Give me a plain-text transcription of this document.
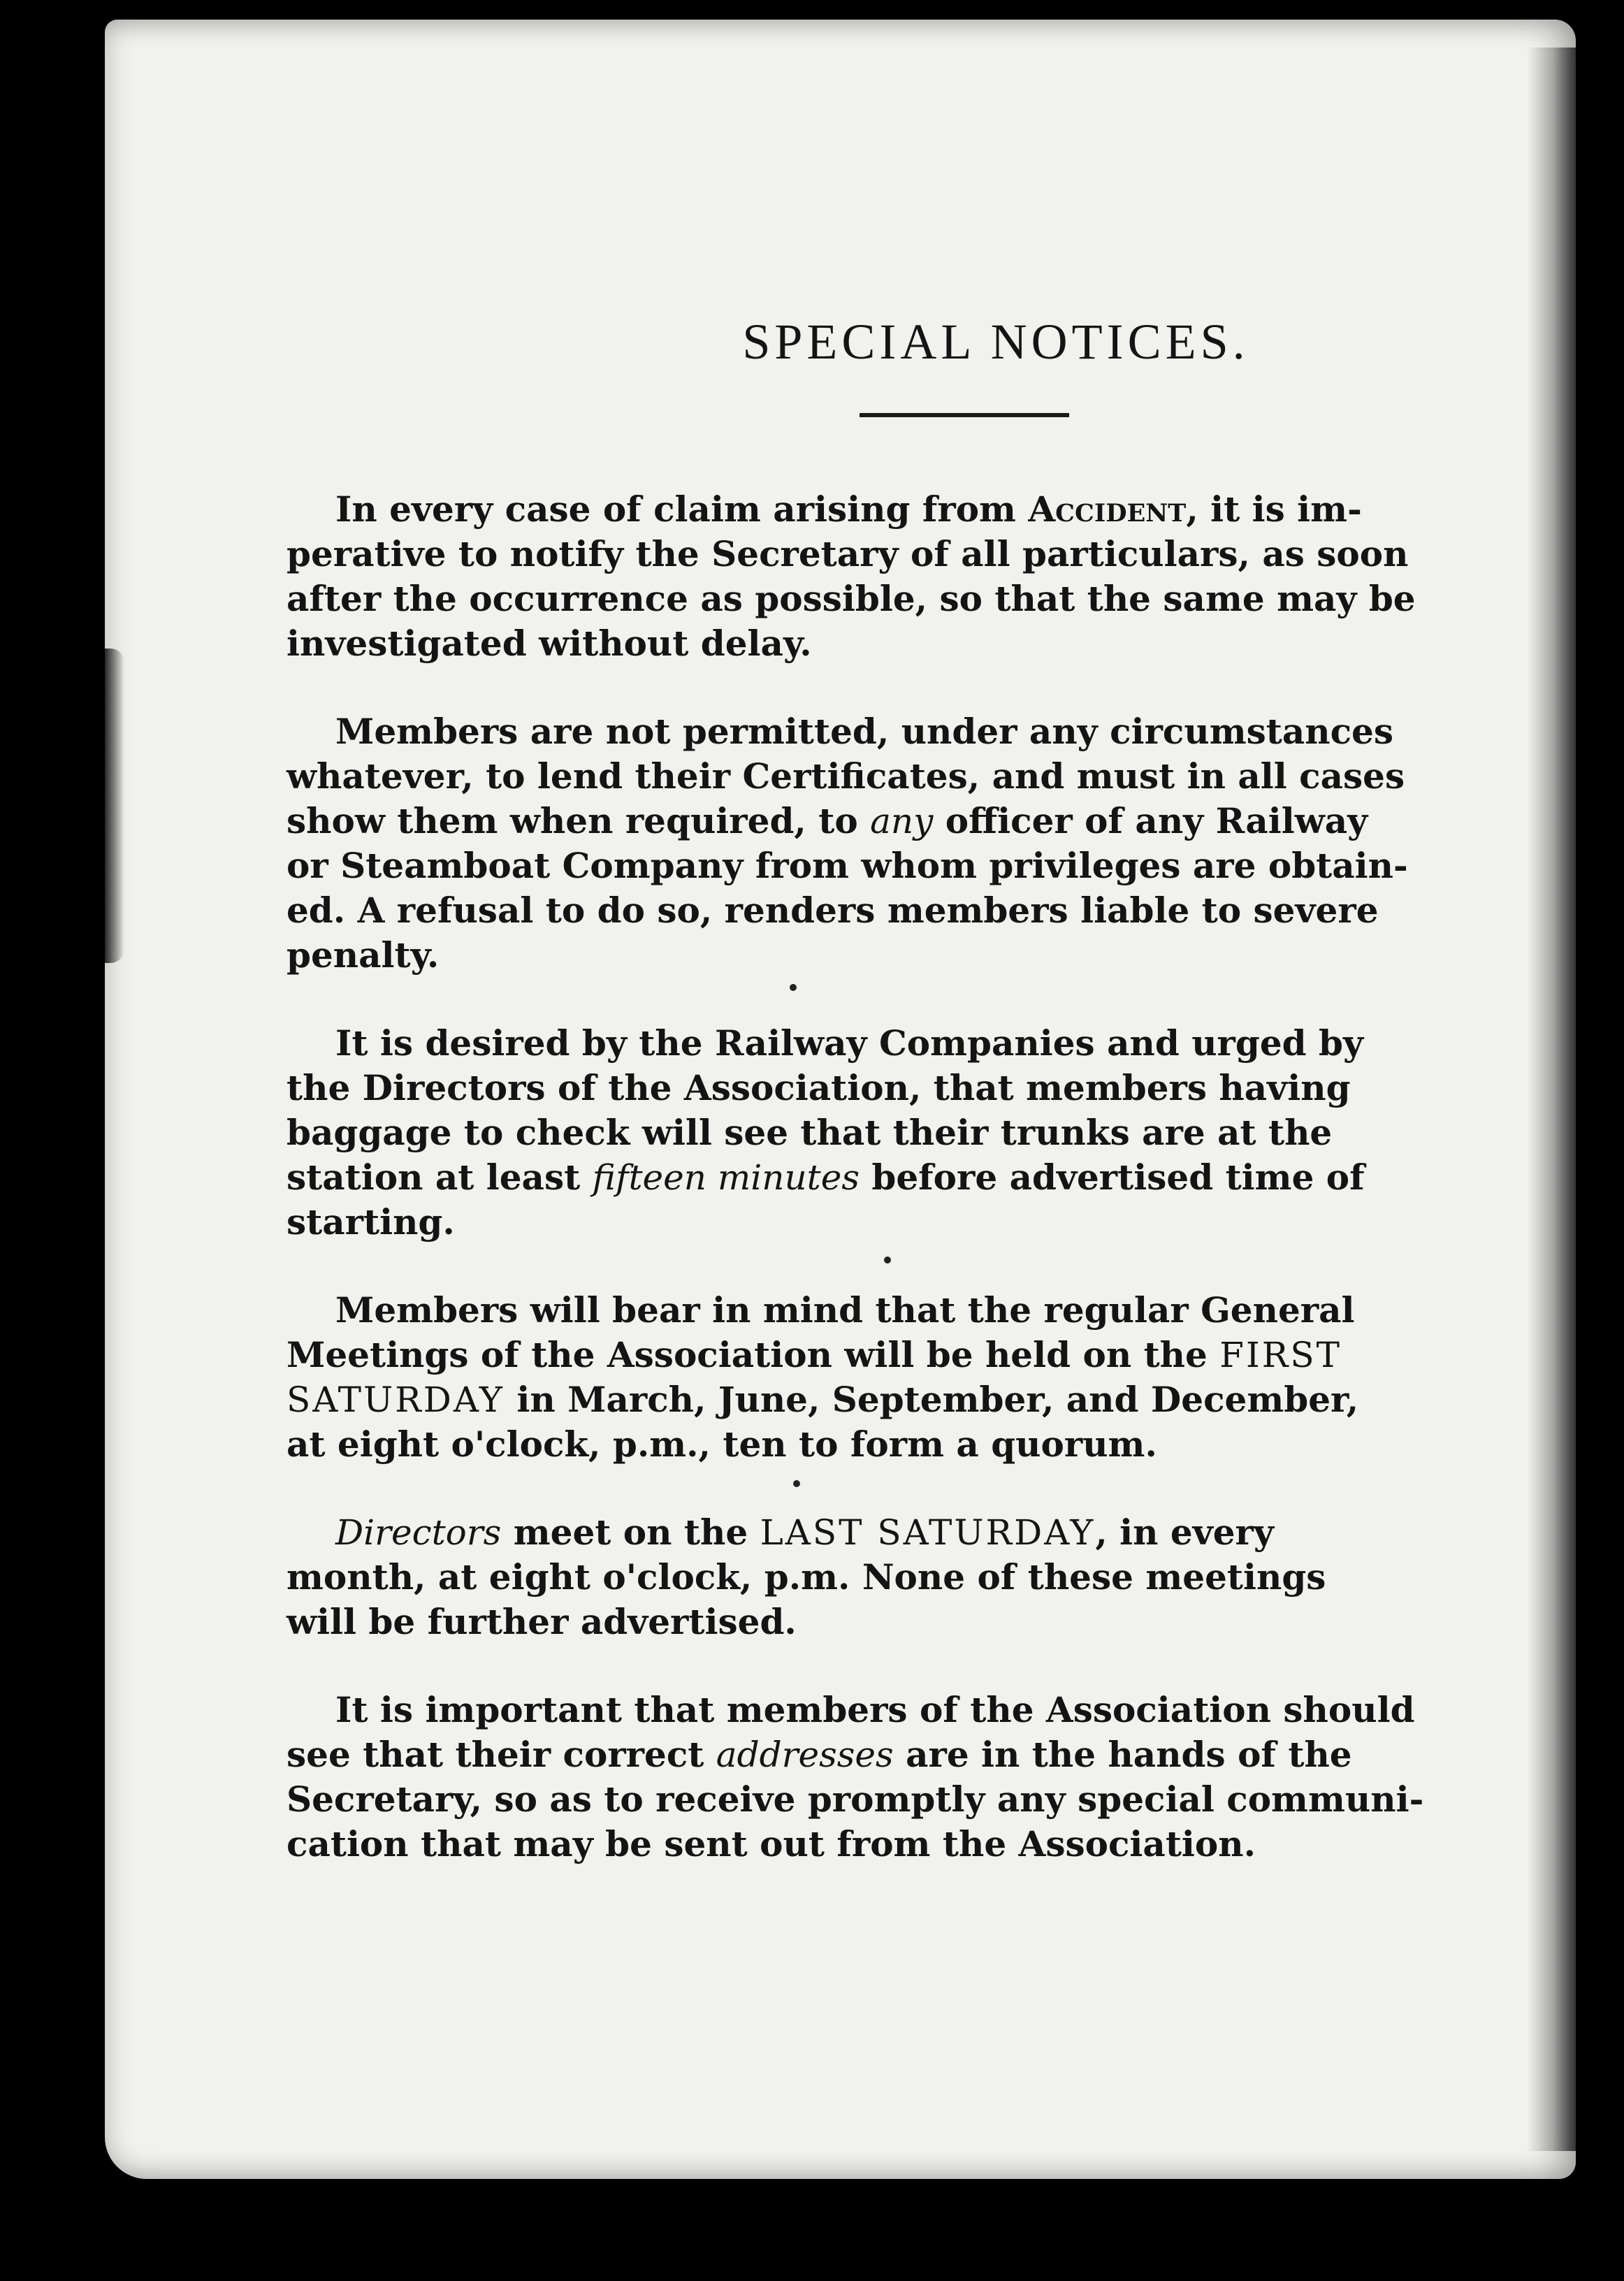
SPECIAL NOTICES.
In every case of claim arising from Accident, it is im-
perative to notify the Secretary of all particulars, as soon
after the occurrence as possible, so that the same may be
investigated without delay.
Members are not permitted, under any circumstances
whatever, to lend their Certificates, and must in all cases
show them when required, to any officer of any Railway
or Steamboat Company from whom privileges are obtain-
ed. A refusal to do so, renders members liable to severe
penalty.
It is desired by the Railway Companies and urged by
the Directors of the Association, that members having
baggage to check will see that their trunks are at the
station at least fifteen minutes before advertised time of
starting.
Members will bear in mind that the regular General
Meetings of the Association will be held on the FIRST
SATURDAY in March, June, September, and December,
at eight o'clock, p.m., ten to form a quorum.
Directors meet on the LAST SATURDAY, in every
month, at eight o'clock, p.m. None of these meetings
will be further advertised.
It is important that members of the Association should
see that their correct addresses are in the hands of the
Secretary, so as to receive promptly any special communi-
cation that may be sent out from the Association.
